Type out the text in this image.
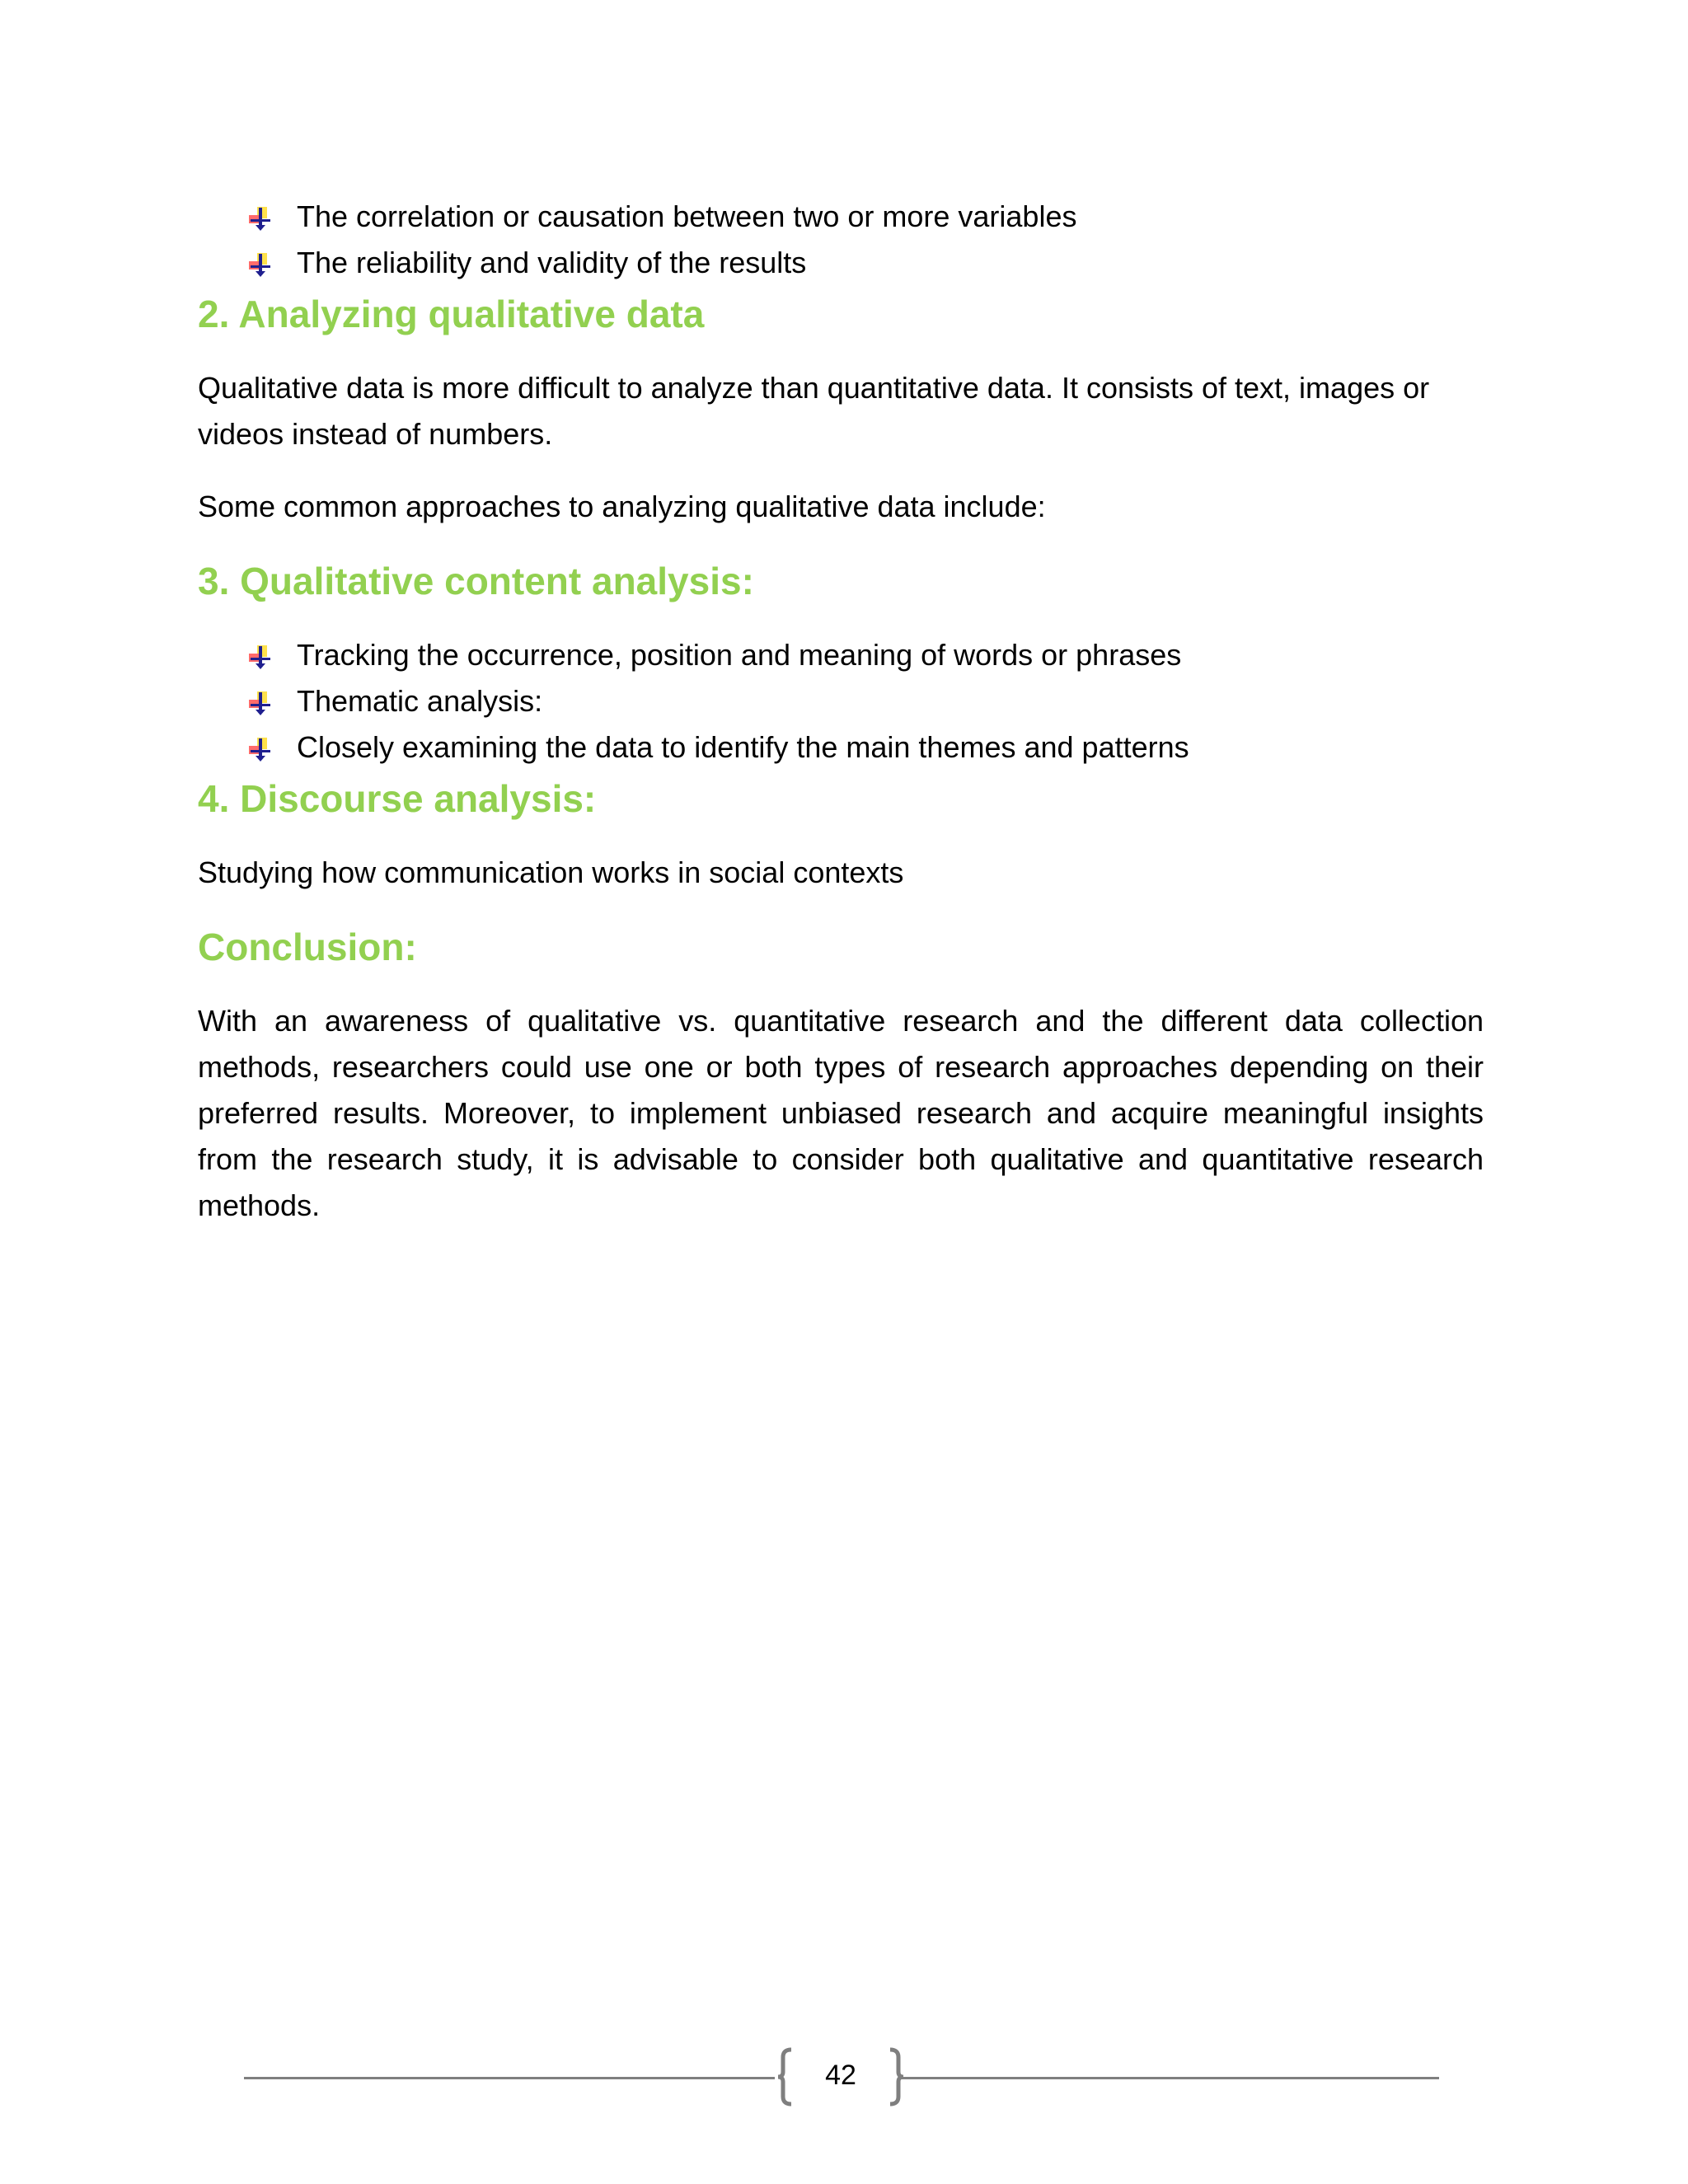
The correlation or causation between two or more variables
The reliability and validity of the results
2. Analyzing qualitative data

Qualitative data is more difficult to analyze than quantitative data. It consists of text, images or videos instead of numbers.

Some common approaches to analyzing qualitative data include:

3. Qualitative content analysis:
Tracking the occurrence, position and meaning of words or phrases
Thematic analysis:
Closely examining the data to identify the main themes and patterns
4. Discourse analysis:

Studying how communication works in social contexts

Conclusion:

With an awareness of qualitative vs. quantitative research and the different data collection methods, researchers could use one or both types of research approaches depending on their preferred results. Moreover, to implement unbiased research and acquire meaningful insights from the research study, it is advisable to consider both qualitative and quantitative research methods.

42
